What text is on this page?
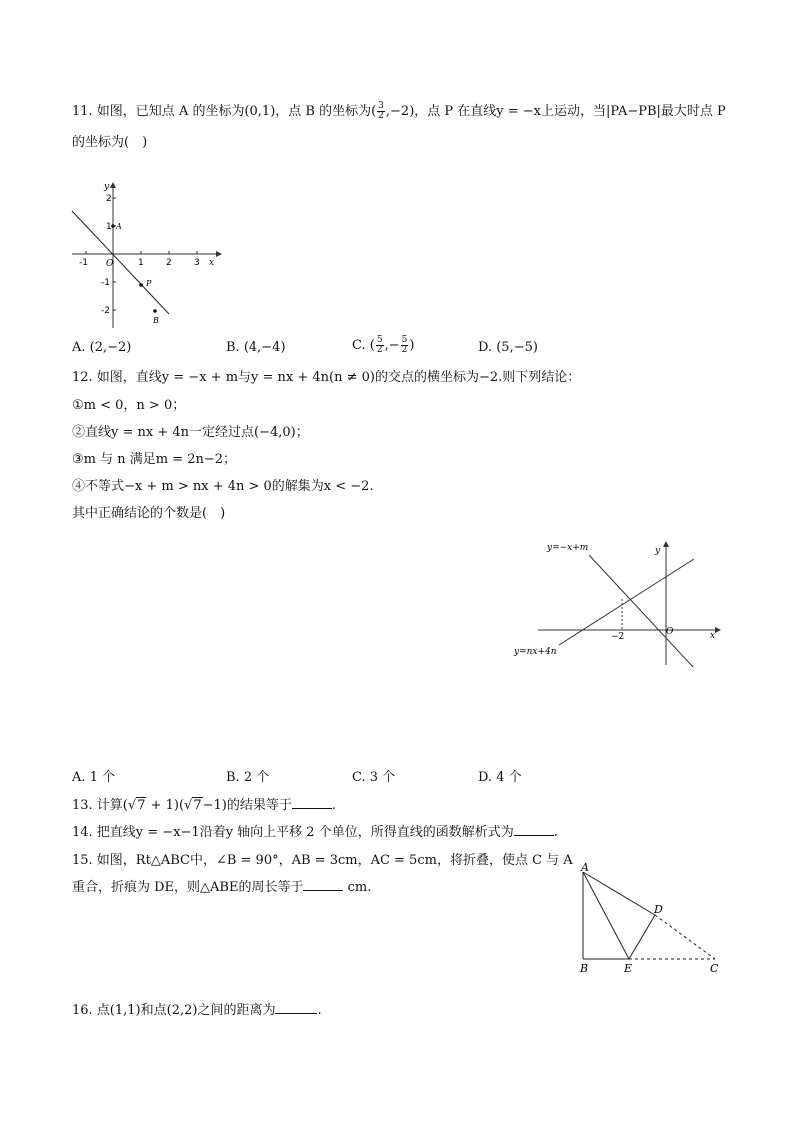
11. 如图，已知点 A 的坐标为(0,1)，点 B 的坐标为( $\frac{3}{2} ,-2$)，点 P 在直线y = −x上运动，当|PA−PB|最大时点 P
的坐标为(　)
y
x
O
2
1
-1
-2
-1	1 2 3
A
P
B
A. (2,−2)	B. (4,−4)	C. ( $\frac{5}{2}$ ,− $\frac{5}{2}$ )	D. (5,−5)
12. 如图，直线y = −x + m与y = nx + 4n(n ≠ 0)的交点的横坐标为−2.则下列结论：
①m < 0，n > 0；
②直线y = nx + 4n一定经过点(−4,0)；
③m 与 n 满足m = 2n−2；
④不等式−x + m > nx + 4n > 0的解集为x < −2.
其中正确结论的个数是(　)
y=−x+m
y=nx+4n
y
x
O
−2
A. 1 个	B. 2 个	C. 3 个	D. 4 个
13. 计算(√7 + 1)(√7−1)的结果等于	.
14. 把直线y = −x−1沿着y 轴向上平移 2 个单位，所得直线的函数解析式为	.
15. 如图，Rt△ABC中，∠B = 90°，AB = 3cm，AC = 5cm，将折叠，使点 C 与 A
重合，折痕为 DE，则△ABE的周长等于	cm.
A
B	E	C
D
16. 点(1,1)和点(2,2)之间的距离为	.
